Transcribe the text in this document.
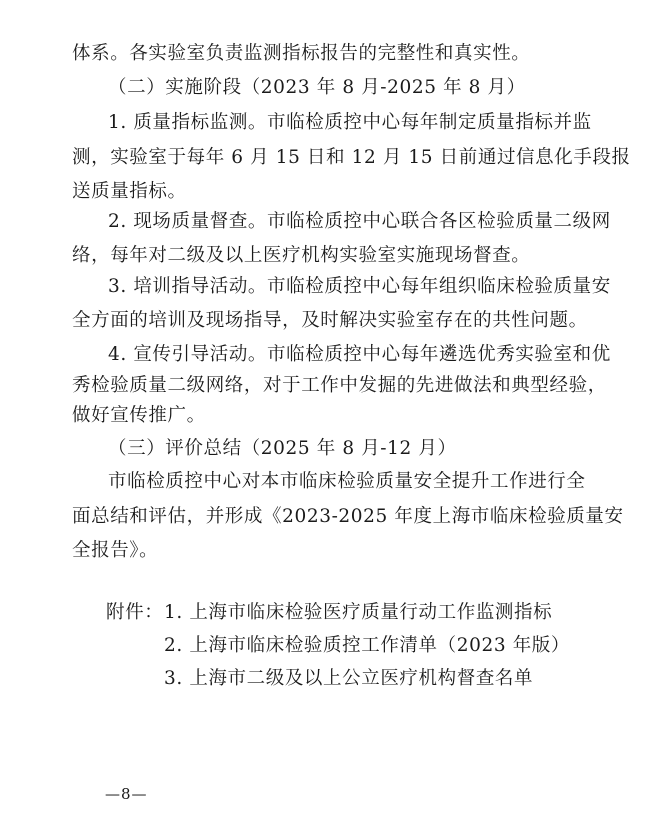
体系。各实验室负责监测指标报告的完整性和真实性。
（二）实施阶段（2023 年 8 月-2025 年 8 月）
1. 质量指标监测。市临检质控中心每年制定质量指标并监
测，实验室于每年 6 月 15 日和 12 月 15 日前通过信息化手段报
送质量指标。
2. 现场质量督查。市临检质控中心联合各区检验质量二级网
络，每年对二级及以上医疗机构实验室实施现场督查。
3. 培训指导活动。市临检质控中心每年组织临床检验质量安
全方面的培训及现场指导，及时解决实验室存在的共性问题。
4. 宣传引导活动。市临检质控中心每年遴选优秀实验室和优
秀检验质量二级网络，对于工作中发掘的先进做法和典型经验，
做好宣传推广。
（三）评价总结（2025 年 8 月-12 月）
市临检质控中心对本市临床检验质量安全提升工作进行全
面总结和评估，并形成《2023-2025 年度上海市临床检验质量安
全报告》。
附件： 1. 上海市临床检验医疗质量行动工作监测指标
2. 上海市临床检验质控工作清单（2023 年版）
3. 上海市二级及以上公立医疗机构督查名单
—8—
